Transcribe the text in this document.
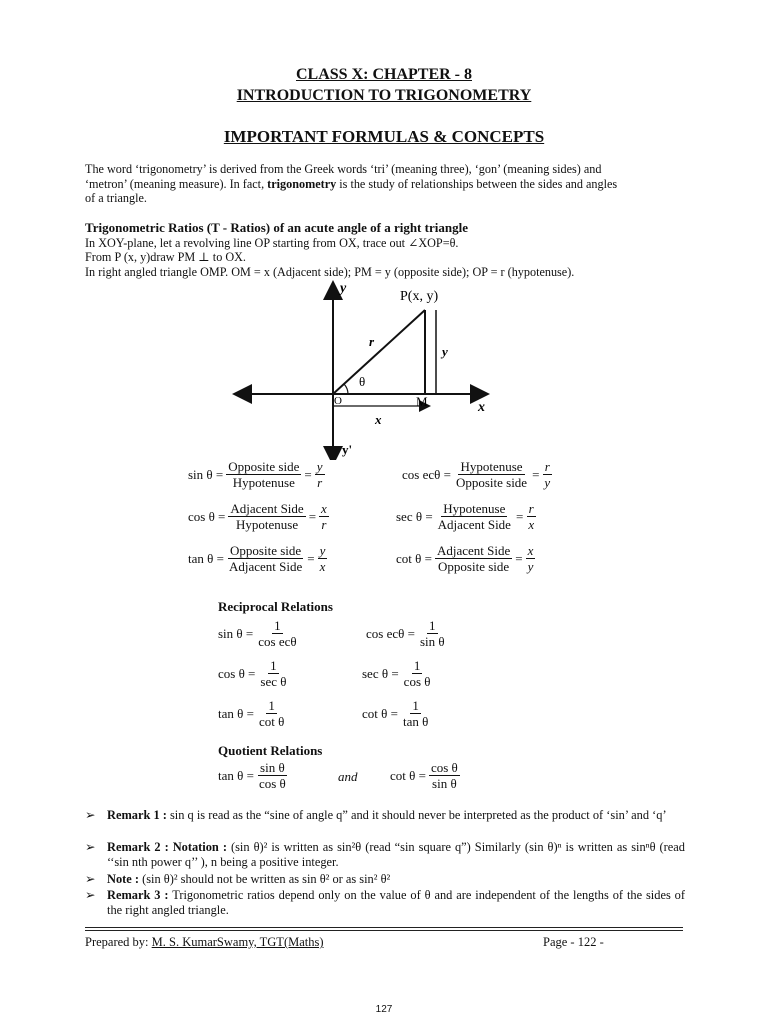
CLASS X: CHAPTER - 8
INTRODUCTION TO TRIGONOMETRY
IMPORTANT FORMULAS & CONCEPTS
The word ‘trigonometry’ is derived from the Greek words ‘tri’ (meaning three), ‘gon’ (meaning sides) and
‘metron’ (meaning measure). In fact, trigonometry is the study of relationships between the sides and angles
of a triangle.
Trigonometric Ratios (T - Ratios) of an acute angle of a right triangle
In XOY-plane, let a revolving line OP starting from OX, trace out ∠XOP=θ.
From P (x, y)draw PM ⊥ to OX.
In right angled triangle OMP. OM = x (Adjacent side); PM = y (opposite side); OP = r (hypotenuse).
y
y'
x
P(x, y)
r
y
θ
O	M
x
$\sin \theta = \frac{\text{Opposite side}}{\text{Hypotenuse}} = \frac{y}{r}$	$\cos ec\theta = \frac{\text{Hypotenuse}}{\text{Opposite side}} = \frac{r}{y}$
$\cos \theta = \frac{\text{Adjacent Side}}{\text{Hypotenuse}} = \frac{x}{r}$	$\sec \theta = \frac{\text{Hypotenuse}}{\text{Adjacent Side}} = \frac{r}{x}$
$\tan \theta = \frac{\text{Opposite side}}{\text{Adjacent Side}} = \frac{y}{x}$	$\cot \theta = \frac{\text{Adjacent Side}}{\text{Opposite side}} = \frac{x}{y}$
Reciprocal Relations
$\sin \theta = \frac{1}{\text{cos ecθ}}$	$\cos ec\theta = \frac{1}{\text{sin θ}}$
$\cos \theta = \frac{1}{\text{sec θ}}$	$\sec \theta = \frac{1}{\text{cos θ}}$
$\tan \theta = \frac{1}{\text{cot θ}}$	$\cot \theta = \frac{1}{\text{tan θ}}$
Quotient Relations
$\tan \theta = \frac{\text{sin θ}}{\text{cos θ}}$	and	$\cot \theta = \frac{\text{cos θ}}{\text{sin θ}}$
➢ Remark 1 : sin q is read as the “sine of angle q” and it should never be interpreted as the product of ‘sin’ and ‘q’
➢ Remark 2 : Notation : (sin θ)² is written as sin²θ (read “sin square q”) Similarly (sin θ)ⁿ is written as sinⁿθ (read ‘‘sin nth power q’’ ), n being a positive integer.
➢ Note : (sin θ)² should not be written as sin θ² or as sin² θ²
➢ Remark 3 : Trigonometric ratios depend only on the value of θ and are independent of the lengths of the sides of the right angled triangle.
Prepared by: M. S. KumarSwamy, TGT(Maths)	Page - 122 -
127
